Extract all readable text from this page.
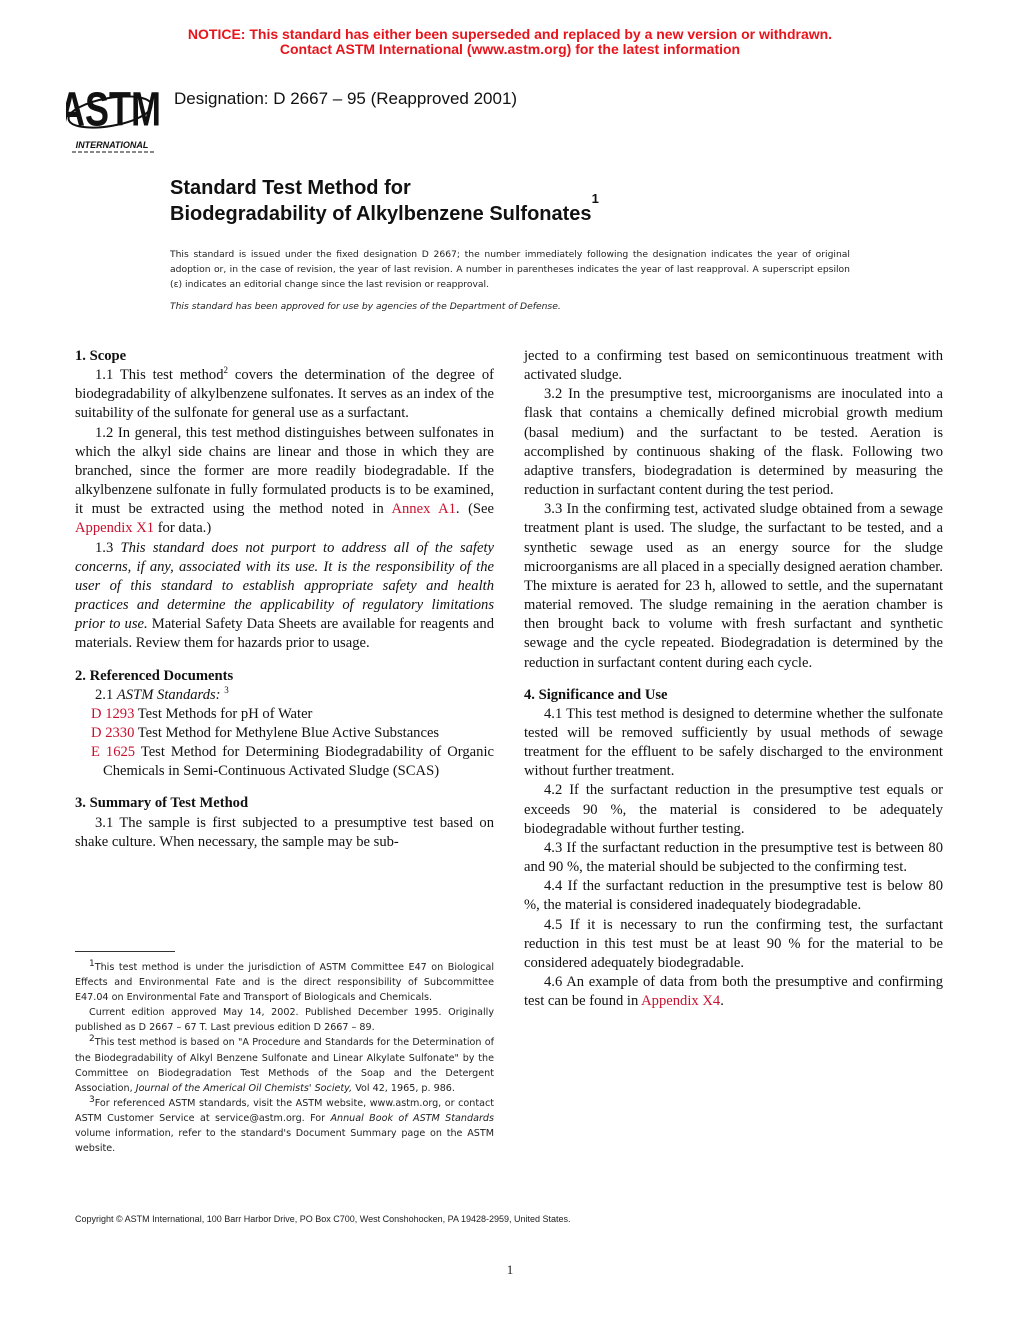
NOTICE: This standard has either been superseded and replaced by a new version or withdrawn.
Contact ASTM International (www.astm.org) for the latest information
ASTM
INTERNATIONAL
Designation: D 2667 – 95 (Reapproved 2001)
Standard Test Method for
Biodegradability of Alkylbenzene Sulfonates$^1$
This standard is issued under the fixed designation D 2667; the number immediately following the designation indicates the year of original adoption or, in the case of revision, the year of last revision. A number in parentheses indicates the year of last reapproval. A superscript epsilon (ε) indicates an editorial change since the last revision or reapproval.
This standard has been approved for use by agencies of the Department of Defense.

1. Scope

1.1 This test method$^2$ covers the determination of the degree of biodegradability of alkylbenzene sulfonates. It serves as an index of the suitability of the sulfonate for general use as a surfactant.

1.2 In general, this test method distinguishes between sulfonates in which the alkyl side chains are linear and those in which they are branched, since the former are more readily biodegradable. If the alkylbenzene sulfonate in fully formulated products is to be examined, it must be extracted using the method noted in Annex A1. (See Appendix X1 for data.)

1.3 This standard does not purport to address all of the safety concerns, if any, associated with its use. It is the responsibility of the user of this standard to establish appropriate safety and health practices and determine the applicability of regulatory limitations prior to use. Material Safety Data Sheets are available for reagents and materials. Review them for hazards prior to usage.

2. Referenced Documents

2.1 ASTM Standards: $^3$

D 1293 Test Methods for pH of Water

D 2330 Test Method for Methylene Blue Active Substances

E 1625 Test Method for Determining Biodegradability of Organic Chemicals in Semi-Continuous Activated Sludge (SCAS)

3. Summary of Test Method

3.1 The sample is first subjected to a presumptive test based on shake culture. When necessary, the sample may be sub-

$^1$This test method is under the jurisdiction of ASTM Committee E47 on Biological Effects and Environmental Fate and is the direct responsibility of Subcommittee E47.04 on Environmental Fate and Transport of Biologicals and Chemicals.

Current edition approved May 14, 2002. Published December 1995. Originally published as D 2667 – 67 T. Last previous edition D 2667 – 89.

$^2$This test method is based on "A Procedure and Standards for the Determination of the Biodegradability of Alkyl Benzene Sulfonate and Linear Alkylate Sulfonate" by the Committee on Biodegradation Test Methods of the Soap and the Detergent Association, Journal of the Americal Oil Chemists' Society, Vol 42, 1965, p. 986.

$^3$For referenced ASTM standards, visit the ASTM website, www.astm.org, or contact ASTM Customer Service at service@astm.org. For Annual Book of ASTM Standards volume information, refer to the standard's Document Summary page on the ASTM website.

jected to a confirming test based on semicontinuous treatment with activated sludge.

3.2 In the presumptive test, microorganisms are inoculated into a flask that contains a chemically defined microbial growth medium (basal medium) and the surfactant to be tested. Aeration is accomplished by continuous shaking of the flask. Following two adaptive transfers, biodegradation is determined by measuring the reduction in surfactant content during the test period.

3.3 In the confirming test, activated sludge obtained from a sewage treatment plant is used. The sludge, the surfactant to be tested, and a synthetic sewage used as an energy source for the sludge microorganisms are all placed in a specially designed aeration chamber. The mixture is aerated for 23 h, allowed to settle, and the supernatant material removed. The sludge remaining in the aeration chamber is then brought back to volume with fresh surfactant and synthetic sewage and the cycle repeated. Biodegradation is determined by the reduction in surfactant content during each cycle.

4. Significance and Use

4.1 This test method is designed to determine whether the sulfonate tested will be removed sufficiently by usual methods of sewage treatment for the effluent to be safely discharged to the environment without further treatment.

4.2 If the surfactant reduction in the presumptive test equals or exceeds 90 %, the material is considered to be adequately biodegradable without further testing.

4.3 If the surfactant reduction in the presumptive test is between 80 and 90 %, the material should be subjected to the confirming test.

4.4 If the surfactant reduction in the presumptive test is below 80 %, the material is considered inadequately biodegradable.

4.5 If it is necessary to run the confirming test, the surfactant reduction in this test must be at least 90 % for the material to be considered adequately biodegradable.

4.6 An example of data from both the presumptive and confirming test can be found in Appendix X4.

Copyright © ASTM International, 100 Barr Harbor Drive, PO Box C700, West Conshohocken, PA 19428-2959, United States.
1
